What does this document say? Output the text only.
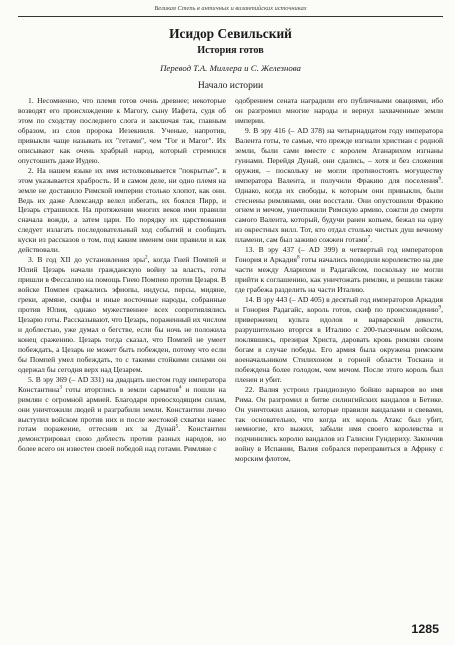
Великая Степь в античных и византийских источниках
Исидор Севильский
История готов
Перевод Т.А. Миллера и С. Железнова
Начало истории

1. Несомненно, что племя готов очень древнее; некоторые возводят его происхождение к Магогу, сыну Иафета, судя об этом по сходству последнего слога и заключая так, главным образом, из слов пророка Иезекииля. Ученые, напротив, привыкли чаще называть их "гетами", чем "Гог и Магог". Их описывают как очень храбрый народ, который стремился опустошить даже Иудею.

2. На нашем языке их имя истолковывается "покрытые", в этом указывается храбрость. И в самом деле, ни одно племя на земле не доставило Римской империи столько хлопот, как они. Ведь их даже Александр велел избегать, их боялся Пирр, и Цезарь страшился. На протяжении многих веков ими правили сначала вожди, а затем цари. По порядку их царствования следует излагать последовательный ход событий и сообщать куски из рассказов о том, под каким именем они правили и как действовали.

3. В год XII до установления эры$^2$, когда Гней Помпей и Юлий Цезарь начали гражданскую войну за власть, готы пришли в Фессалию на помощь Гнею Помпею против Цезаря. В войске Помпея сражались эфиопы, индусы, персы, мидяне, греки, армяне, скифы и иные восточные народы, собранные против Юлия, однако мужественнее всех сопротивлялись Цезарю готы. Рассказывают, что Цезарь, пораженный их числом и доблестью, уже думал о бегстве, если бы ночь не положила конец сражению. Цезарь тогда сказал, что Помпей не умеет побеждать, а Цезарь не может быть побежден, потому что если бы Помпей умел побеждать, то с такими стойкими силами он одержал бы сегодня верх над Цезарем.

5. В эру 369 (– AD 331) на двадцать шестом году императора Константина$^3$ готы вторглись в земли сарматов$^4$ и пошли на римлян с огромной армией. Благодаря превосходящим силам, они уничтожили людей и разграбили земли. Константин лично выступил войском против них и после жестокой схватки нанес готам поражение, оттеснив их за Дунай$^5$. Константин демонстрировал свою доблесть против разных народов, но более всего он известен своей победой над готами. Римляне с

одобрением сената наградили его публичными овациями, ибо он разгромил многие народы и вернул захваченные земли империи.

9. В эру 416 (– AD 378) на четырнадцатом году императора Валента готы, те самые, что прежде изгнали христиан с родной земли, были сами вместе с королем Атанарихом изгнаны гуннами. Перейдя Дунай, они сдались, – хотя и без сложения оружия, – поскольку не могли противостоять могуществу императора Валента, и получили Фракию для поселения$^6$. Однако, когда их свободы, к которым они привыкли, были стеснены римлянами, они восстали. Они опустошили Фракию огнем и мечом, уничтожили Римскую армию, сожгли до смерти самого Валента, который, будучи ранен копьем, бежал на одну из окрестных вилл. Тот, кто отдал столько чистых душ вечному пламени, сам был заживо сожжен готами$^7$.

13. В эру 437 (– AD 399) в четвертый год императоров Гонория и Аркадия$^8$ готы начались поводили королевство на две части между Аларихом и Радагайсом, поскольку не могли прийти к соглашению, как уничтожать римлян, и решили также где грабежа разделить на части Италию.

14. В эру 443 (– AD 405) в десятый год императоров Аркадия и Гонория Радагайс, король готов, скиф по происхождению$^9$, приверженец культа идолов и варварской дикости, разрушительно вторгся в Италию с 200-тысячным войском, поклявшись, презирая Христа, даровать кровь римлян своим богам в случае победы. Его армия была окружена римским военачальником Стилихоном в горной области Тоскана и побеждена более голодом, чем мечом. После этого король был пленен и убит.

22. Валия устроил грандиозную бойню варваров во имя Рима. Он разгромил в битве силингийских вандалов в Бетике. Он уничтожил аланов, которые правили вандалами и свевами, так основательно, что когда их король Атакс был убит, немногие, кто выжил, забыли имя своего королевства и подчинились королю вандалов из Галисии Гундериху. Закончив войну в Испании, Валия собрался переправиться в Африку с морским флотом,

1285
